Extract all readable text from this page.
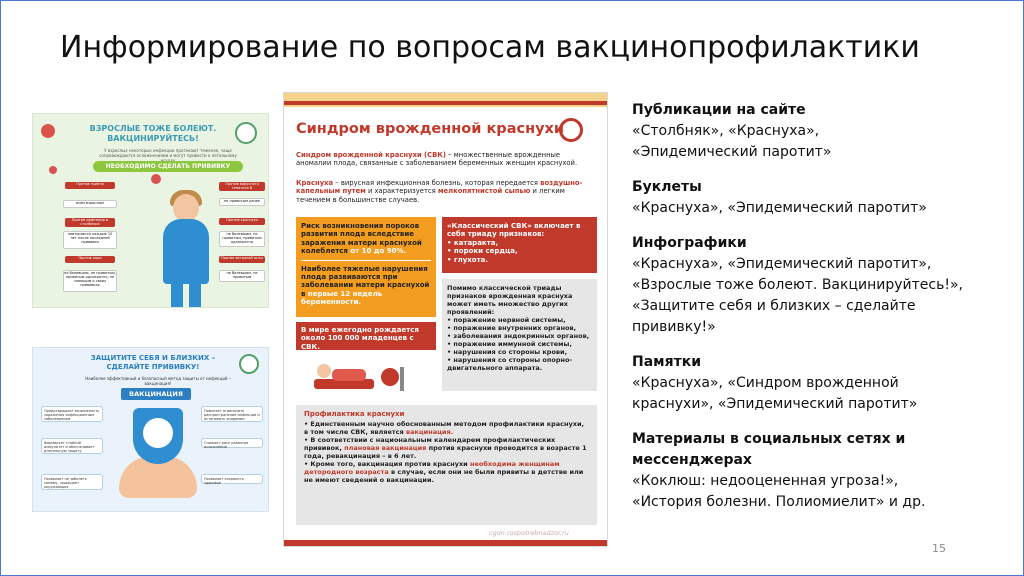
Информирование по вопросам вакцинопрофилактики
ВЗРОСЛЫЕ ТОЖЕ БОЛЕЮТ.
ВАКЦИНИРУЙТЕСЬ!
У взрослых некоторые инфекции протекают тяжелее, чаще сопровождаются осложнениями и могут привести к летальному
НЕОБХОДИМО СДЕЛАТЬ ПРИВИВКУ
Против гриппа
всем взрослым
Против дифтерии и столбняка
повторяется каждые 10 лет после последней прививки
Против кори
не болевшим, не привитым, привитым однократно, не знающим о своих прививках
Против вирусного гепатита В
не привитым ранее
Против краснухи
не болевшим, не привитым, привитым однократно
Против ветряной оспы
не болевшим, не привитым
ЗАЩИТИТЕ СЕБЯ И БЛИЗКИХ –
СДЕЛАЙТЕ ПРИВИВКУ!
Наиболее эффективный и безопасный метод защиты от инфекций – вакцинация!
ВАКЦИНАЦИЯ
Предотвращает возможность заражения инфекционным заболеванием
Формирует стойкий иммунитет и обеспечивает длительную защиту
Позволяет не заболеть самому, защищает окружающих
Помогает ограничить распространение инфекции и остановить эпидемии
Снижает риск развития осложнений
Позволяет сохранить здоровье
Синдром врожденной краснухи
Синдром врожденной краснухи (СВК) – множественные врожденные аномалии плода, связанные с заболеванием беременных женщин краснухой.
Краснуха – вирусная инфекционная болезнь, которая передается воздушно-капельным путем и характеризуется мелкопятнистой сыпью и легким течением в большинстве случаев.
Риск возникновения пороков развития плода вследствие заражения матери краснухой колеблется от 10 до 90%.
Наиболее тяжелые нарушения плода развиваются при заболевании матери краснухой в первые 12 недель беременности.
«Классический СВК» включает в себя триаду признаков:
• катаракта,
• пороки сердца,
• глухота.
В мире ежегодно рождается около 100 000 младенцев с СВК.
Помимо классической триады признаков врожденная краснуха может иметь множество других проявлений:
• поражение нервной системы,
• поражение внутренних органов,
• заболевания эндокринных органов,
• поражение иммунной системы,
• нарушения со стороны крови,
• нарушения со стороны опорно-двигательного аппарата.
Профилактика краснухи
• Единственным научно обоснованным методом профилактики краснухи, в том числе СВК, является вакцинация.
• В соответствии с национальным календарем профилактических прививок, плановая вакцинация против краснухи проводится в возрасте 1 года, ревакцинация – в 6 лет.
• Кроме того, вакцинация против краснухи необходима женщинам детородного возраста в случае, если они не были привиты в детстве или не имеют сведений о вакцинации.
cgon.rospotrebnadzor.ru
Публикации на сайте

«Столбняк», «Краснуха»,

«Эпидемический паротит»

Буклеты

«Краснуха», «Эпидемический паротит»

Инфографики

«Краснуха», «Эпидемический паротит»,

«Взрослые тоже болеют. Вакцинируйтесь!»,

«Защитите себя и близких – сделайте

прививку!»

Памятки

«Краснуха», «Синдром врожденной

краснухи», «Эпидемический паротит»

Материалы в социальных сетях и
мессенджерах

«Коклюш: недооцененная угроза!»,

«История болезни. Полиомиелит» и др.

15
